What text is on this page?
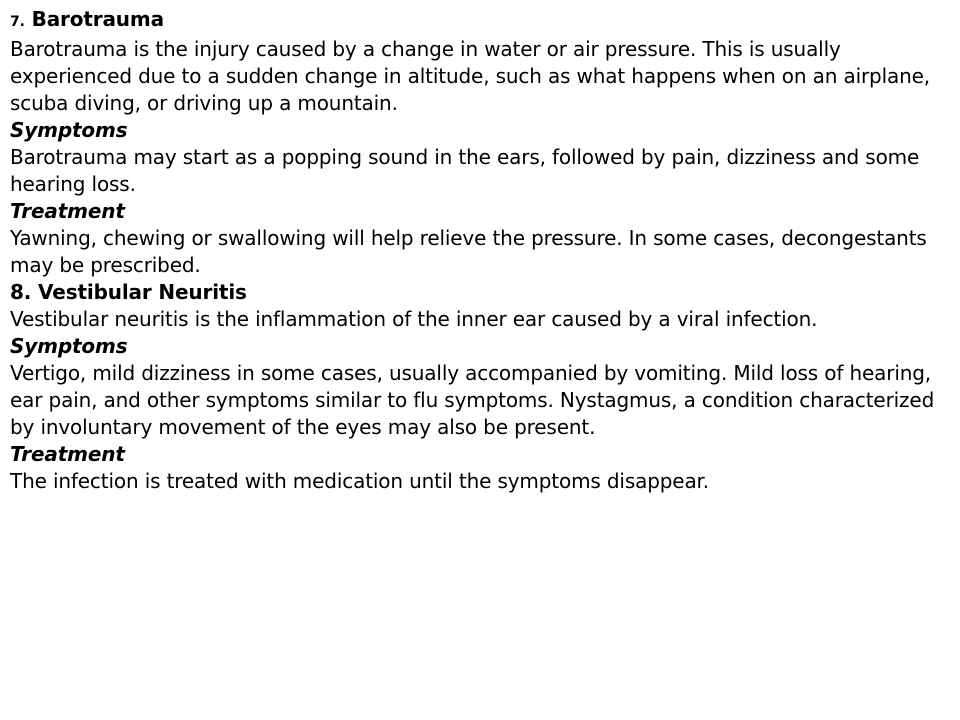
7. Barotrauma

Barotrauma is the injury caused by a change in water or air pressure. This is usually experienced due to a sudden change in altitude, such as what happens when on an airplane, scuba diving, or driving up a mountain.

Symptoms

Barotrauma may start as a popping sound in the ears, followed by pain, dizziness and some hearing loss.

Treatment

Yawning, chewing or swallowing will help relieve the pressure. In some cases, decongestants may be prescribed.

8. Vestibular Neuritis

Vestibular neuritis is the inflammation of the inner ear caused by a viral infection.

Symptoms

Vertigo, mild dizziness in some cases, usually accompanied by vomiting. Mild loss of hearing, ear pain, and other symptoms similar to flu symptoms. Nystagmus, a condition characterized by involuntary movement of the eyes may also be present.

Treatment

The infection is treated with medication until the symptoms disappear.
